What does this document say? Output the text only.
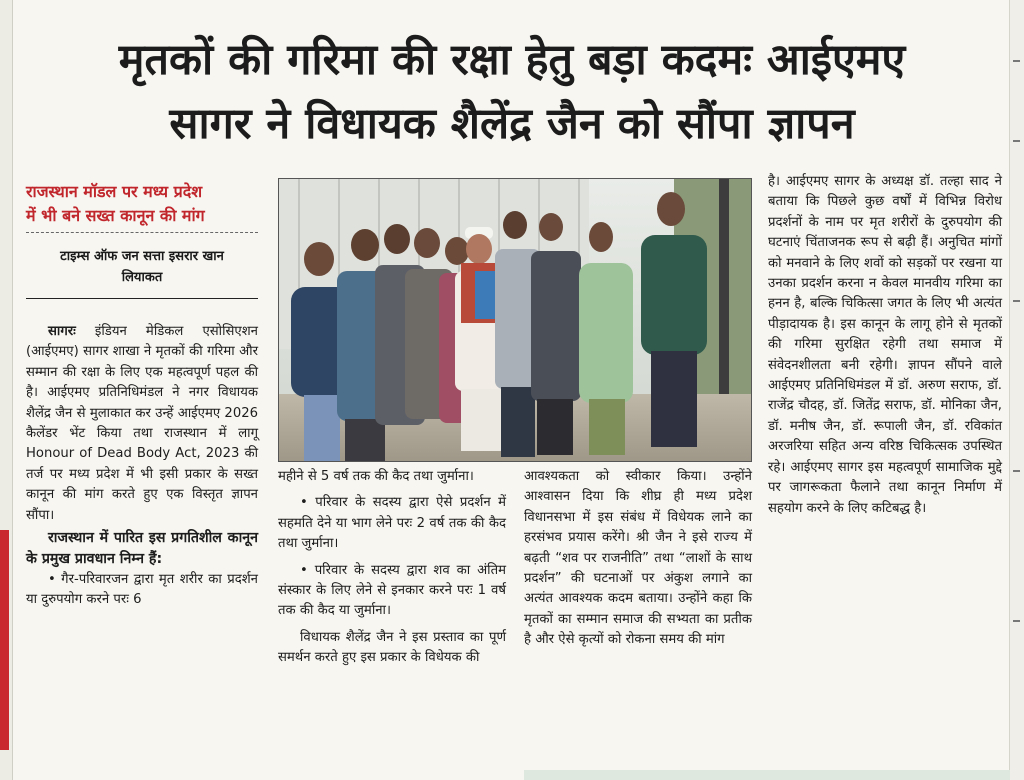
मृतकों की गरिमा की रक्षा हेतु बड़ा कदमः आईएमए
सागर ने विधायक शैलेंद्र जैन को सौंपा ज्ञापन
राजस्थान मॉडल पर मध्य प्रदेश
में भी बने सख्त कानून की मांग
टाइम्स ऑफ जन सत्ता इसरार खान
लियाकत

सागरः इंडियन मेडिकल एसोसिएशन (आईएमए) सागर शाखा ने मृतकों की गरिमा और सम्मान की रक्षा के लिए एक महत्वपूर्ण पहल की है। आईएमए प्रतिनिधिमंडल ने नगर विधायक शैलेंद्र जैन से मुलाकात कर उन्हें आईएमए 2026 कैलेंडर भेंट किया तथा राजस्थान में लागू Honour of Dead Body Act, 2023 की तर्ज पर मध्य प्रदेश में भी इसी प्रकार के सख्त कानून की मांग करते हुए एक विस्तृत ज्ञापन सौंपा।

राजस्थान में पारित इस प्रगतिशील कानून के प्रमुख प्रावधान निम्न हैं:

• गैर-परिवारजन द्वारा मृत शरीर का प्रदर्शन या दुरुपयोग करने परः 6

महीने से 5 वर्ष तक की कैद तथा जुर्माना।

• परिवार के सदस्य द्वारा ऐसे प्रदर्शन में सहमति देने या भाग लेने परः 2 वर्ष तक की कैद तथा जुर्माना।

• परिवार के सदस्य द्वारा शव का अंतिम संस्कार के लिए लेने से इनकार करने परः 1 वर्ष तक की कैद या जुर्माना।

विधायक शैलेंद्र जैन ने इस प्रस्ताव का पूर्ण समर्थन करते हुए इस प्रकार के विधेयक की

आवश्यकता को स्वीकार किया। उन्होंने आश्वासन दिया कि शीघ्र ही मध्य प्रदेश विधानसभा में इस संबंध में विधेयक लाने का हरसंभव प्रयास करेंगे। श्री जैन ने इसे राज्य में बढ़ती “शव पर राजनीति” तथा “लाशों के साथ प्रदर्शन” की घटनाओं पर अंकुश लगाने का अत्यंत आवश्यक कदम बताया। उन्होंने कहा कि मृतकों का सम्मान समाज की सभ्यता का प्रतीक है और ऐसे कृत्यों को रोकना समय की मांग

है। आईएमए सागर के अध्यक्ष डॉ. तल्हा साद ने बताया कि पिछले कुछ वर्षों में विभिन्न विरोध प्रदर्शनों के नाम पर मृत शरीरों के दुरुपयोग की घटनाएं चिंताजनक रूप से बढ़ी हैं। अनुचित मांगों को मनवाने के लिए शवों को सड़कों पर रखना या उनका प्रदर्शन करना न केवल मानवीय गरिमा का हनन है, बल्कि चिकित्सा जगत के लिए भी अत्यंत पीड़ादायक है। इस कानून के लागू होने से मृतकों की गरिमा सुरक्षित रहेगी तथा समाज में संवेदनशीलता बनी रहेगी। ज्ञापन सौंपने वाले आईएमए प्रतिनिधिमंडल में डॉ. अरुण सराफ, डॉ. राजेंद्र चौदह, डॉ. जितेंद्र सराफ, डॉ. मोनिका जैन, डॉ. मनीष जैन, डॉ. रूपाली जैन, डॉ. रविकांत अरजरिया सहित अन्य वरिष्ठ चिकित्सक उपस्थित रहे। आईएमए सागर इस महत्वपूर्ण सामाजिक मुद्दे पर जागरूकता फैलाने तथा कानून निर्माण में सहयोग करने के लिए कटिबद्ध है।
